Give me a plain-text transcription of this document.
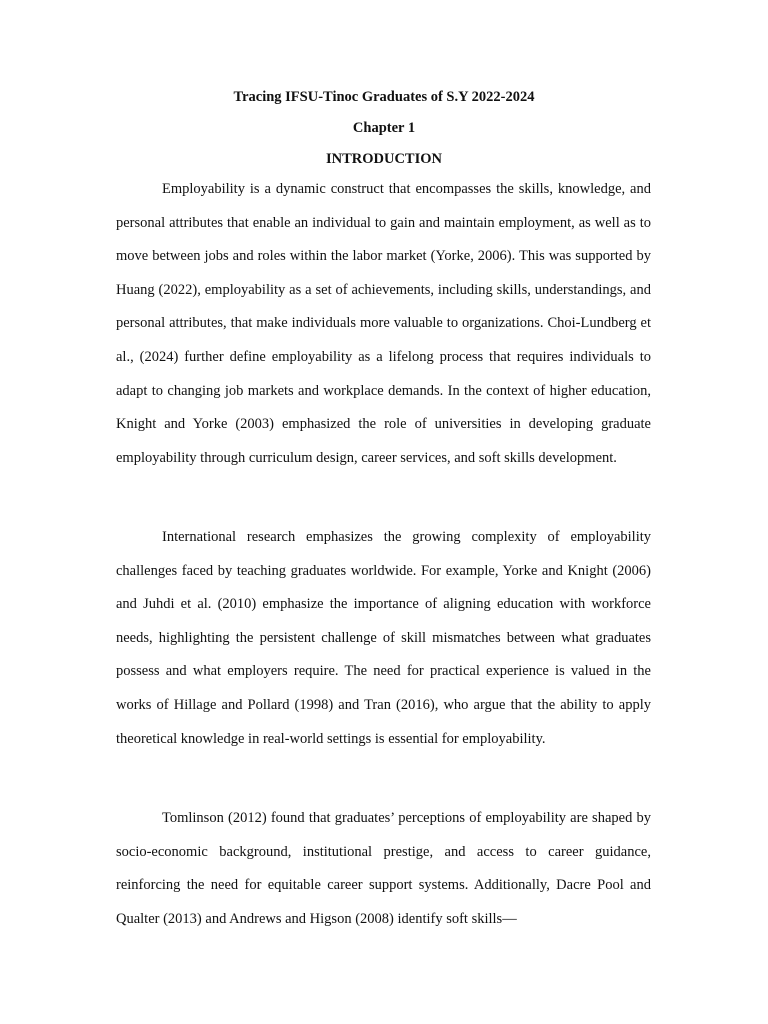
Tracing IFSU-Tinoc Graduates of S.Y 2022-2024
Chapter 1
INTRODUCTION

Employability is a dynamic construct that encompasses the skills, knowledge, and personal attributes that enable an individual to gain and maintain employment, as well as to move between jobs and roles within the labor market (Yorke, 2006). This was supported by Huang (2022), employability as a set of achievements, including skills, understandings, and personal attributes, that make individuals more valuable to organizations. Choi-Lundberg et al., (2024) further define employability as a lifelong process that requires individuals to adapt to changing job markets and workplace demands. In the context of higher education, Knight and Yorke (2003) emphasized the role of universities in developing graduate employability through curriculum design, career services, and soft skills development.

International research emphasizes the growing complexity of employability challenges faced by teaching graduates worldwide. For example, Yorke and Knight (2006) and Juhdi et al. (2010) emphasize the importance of aligning education with workforce needs, highlighting the persistent challenge of skill mismatches between what graduates possess and what employers require. The need for practical experience is valued in the works of Hillage and Pollard (1998) and Tran (2016), who argue that the ability to apply theoretical knowledge in real-world settings is essential for employability.

Tomlinson (2012) found that graduates’ perceptions of employability are shaped by socio-economic background, institutional prestige, and access to career guidance, reinforcing the need for equitable career support systems. Additionally, Dacre Pool and Qualter (2013) and Andrews and Higson (2008) identify soft skills—
